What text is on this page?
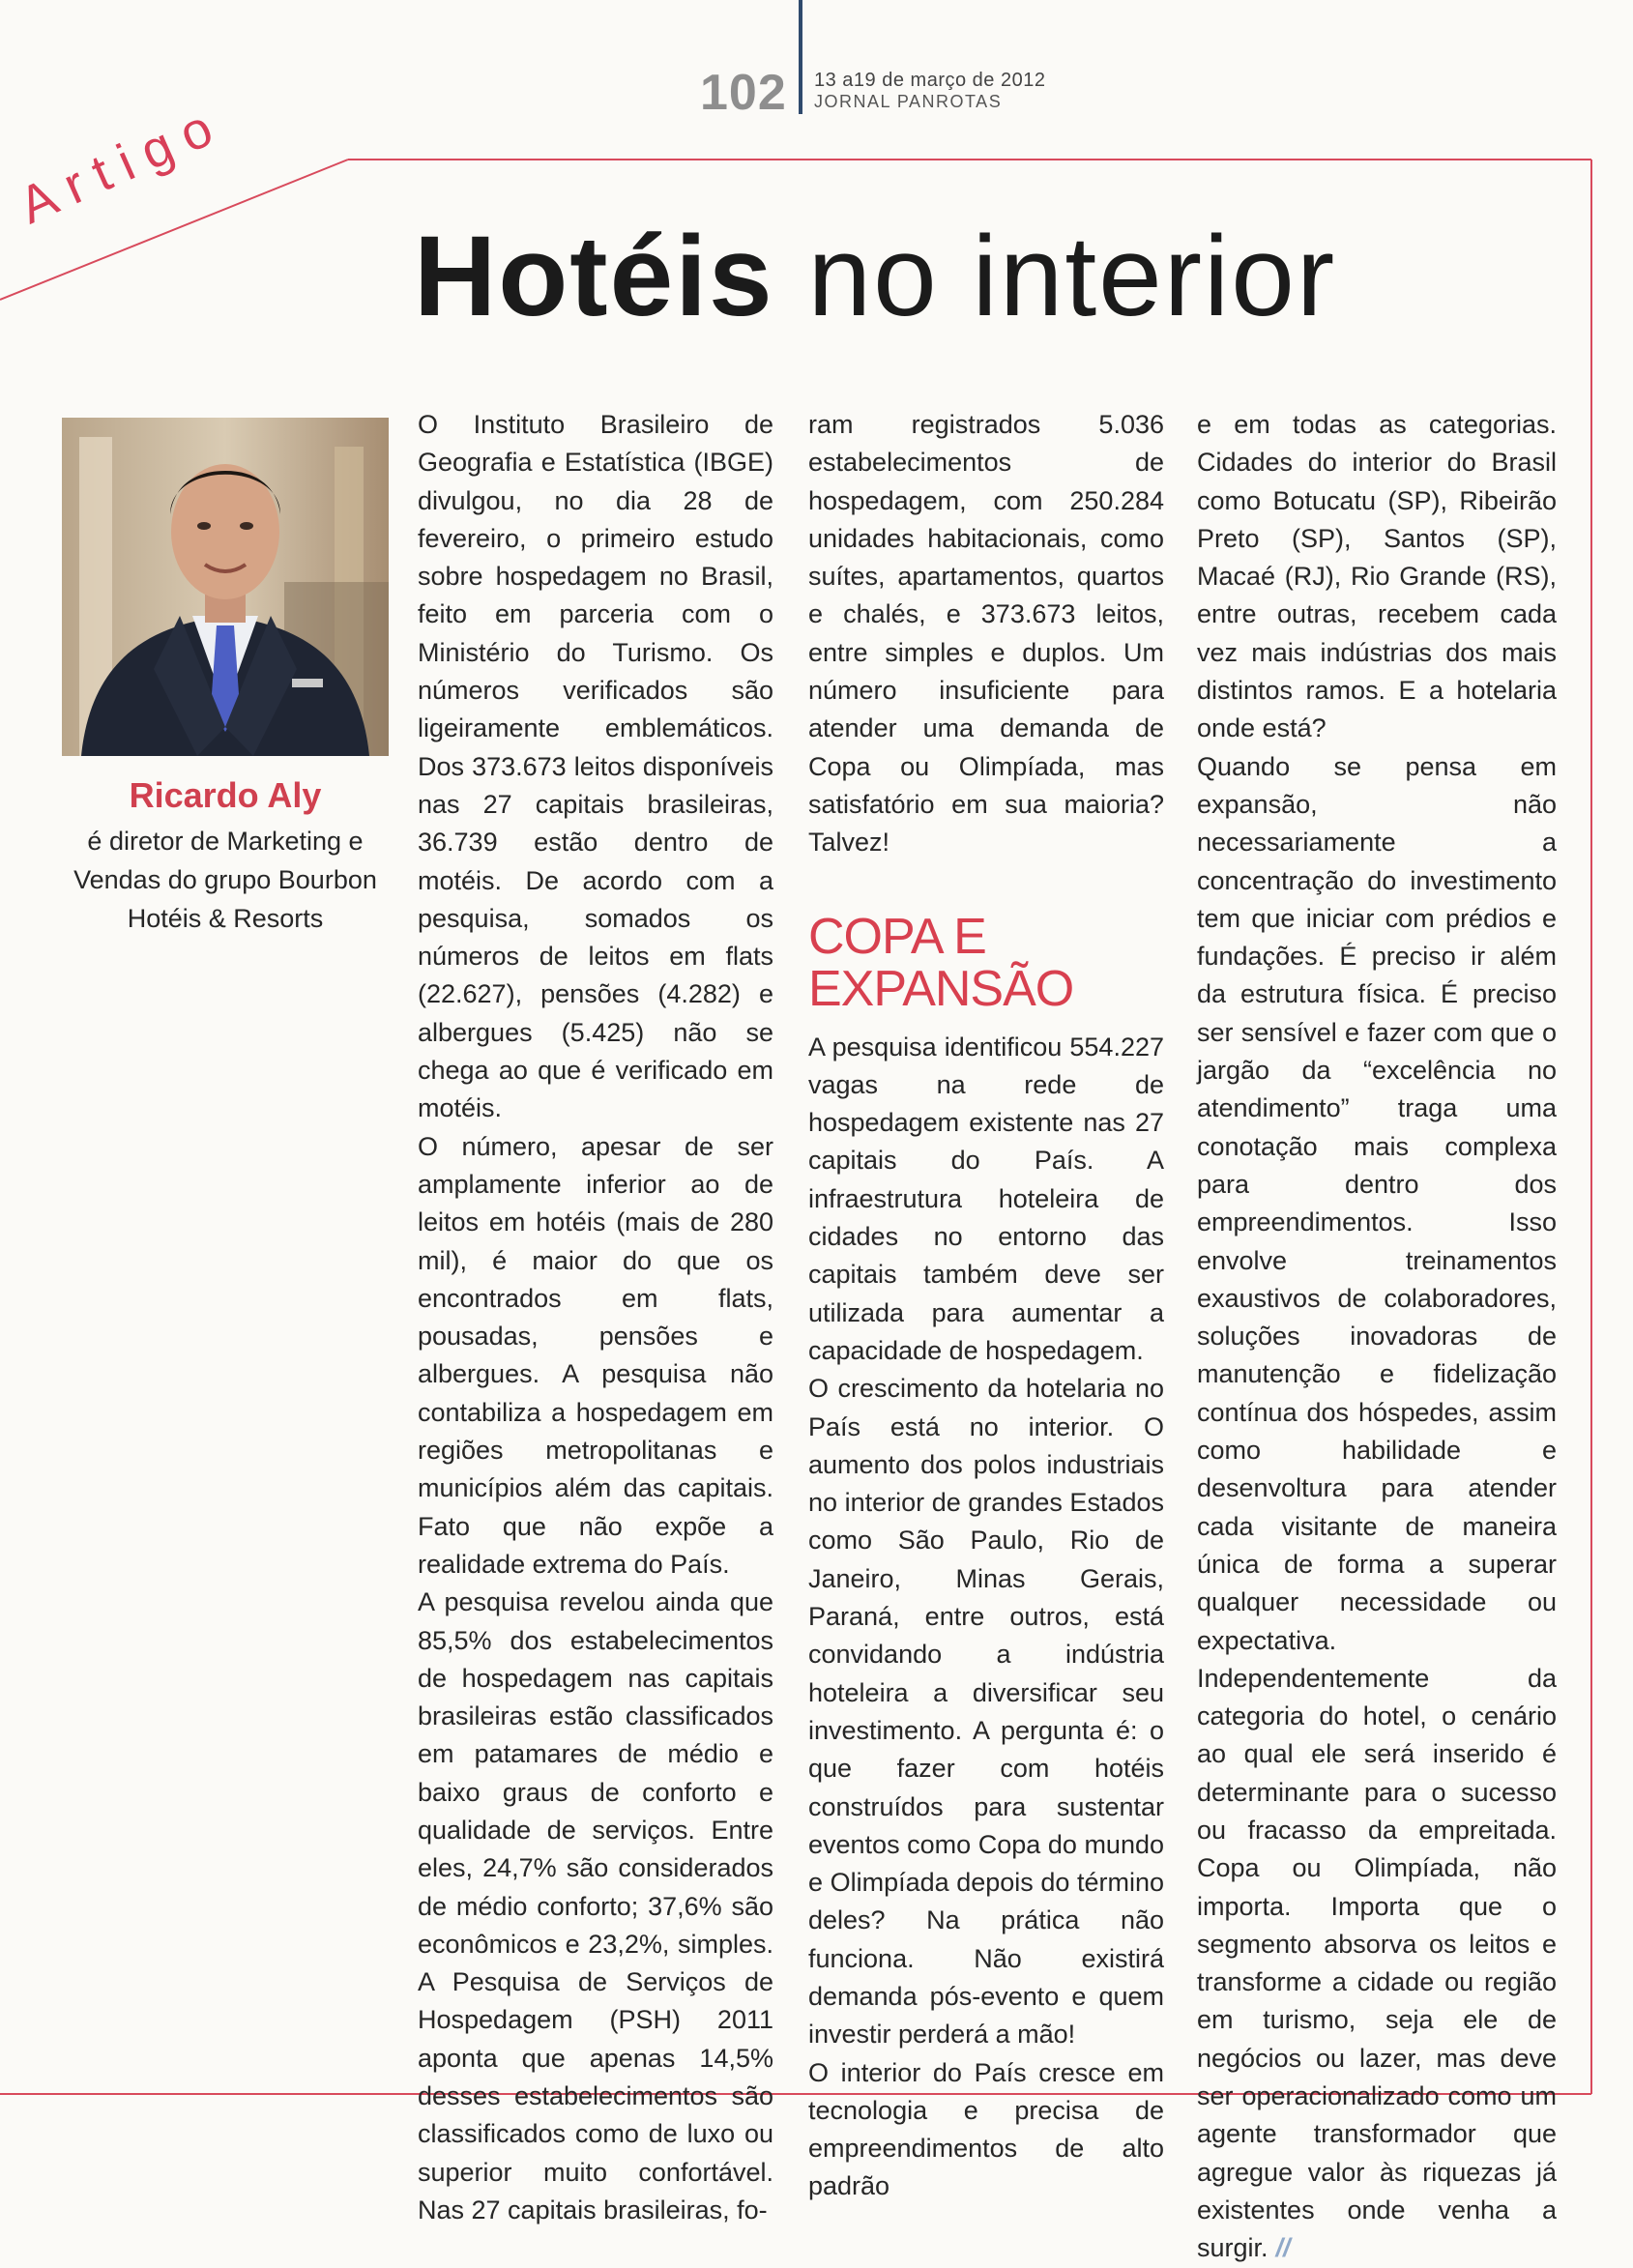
102 13 a19 de março de 2012
JORNAL PANROTAS
Artigo
Hotéis no interior
Ricardo Aly
é diretor de Marketing e
Vendas do grupo Bourbon
Hotéis & Resorts

O Instituto Brasileiro de Geografia e Estatística (IBGE) divulgou, no dia 28 de fevereiro, o primeiro estudo sobre hospedagem no Brasil, feito em parceria com o Ministério do Turismo. Os números verificados são ligeiramente emblemáticos. Dos 373.673 leitos disponíveis nas 27 capitais brasileiras, 36.739 estão dentro de motéis. De acordo com a pesquisa, somados os números de leitos em flats (22.627), pensões (4.282) e albergues (5.425) não se chega ao que é verificado em motéis.

O número, apesar de ser amplamente inferior ao de leitos em hotéis (mais de 280 mil), é maior do que os encontrados em flats, pousadas, pensões e albergues. A pesquisa não contabiliza a hospedagem em regiões metropolitanas e municípios além das capitais. Fato que não expõe a realidade extrema do País.

A pesquisa revelou ainda que 85,5% dos estabelecimentos de hospedagem nas capitais brasileiras estão classificados em patamares de médio e baixo graus de conforto e qualidade de serviços. Entre eles, 24,7% são considerados de médio conforto; 37,6% são econômicos e 23,2%, simples. A Pesquisa de Serviços de Hospedagem (PSH) 2011 aponta que apenas 14,5% desses estabelecimentos são classificados como de luxo ou superior muito confortável. Nas 27 capitais brasileiras, fo-

ram registrados 5.036 estabelecimentos de hospedagem, com 250.284 unidades habitacionais, como suítes, apartamentos, quartos e chalés, e 373.673 leitos, entre simples e duplos. Um número insuficiente para atender uma demanda de Copa ou Olimpíada, mas satisfatório em sua maioria? Talvez!

COPA E EXPANSÃO

A pesquisa identificou 554.227 vagas na rede de hospedagem existente nas 27 capitais do País. A infraestrutura hoteleira de cidades no entorno das capitais também deve ser utilizada para aumentar a capacidade de hospedagem.

O crescimento da hotelaria no País está no interior. O aumento dos polos industriais no interior de grandes Estados como São Paulo, Rio de Janeiro, Minas Gerais, Paraná, entre outros, está convidando a indústria hoteleira a diversificar seu investimento. A pergunta é: o que fazer com hotéis construídos para sustentar eventos como Copa do mundo e Olimpíada depois do término deles? Na prática não funciona. Não existirá demanda pós-evento e quem investir perderá a mão!

O interior do País cresce em tecnologia e precisa de empreendimentos de alto padrão

e em todas as categorias. Cidades do interior do Brasil como Botucatu (SP), Ribeirão Preto (SP), Santos (SP), Macaé (RJ), Rio Grande (RS), entre outras, recebem cada vez mais indústrias dos mais distintos ramos. E a hotelaria onde está?

Quando se pensa em expansão, não necessariamente a concentração do investimento tem que iniciar com prédios e fundações. É preciso ir além da estrutura física. É preciso ser sensível e fazer com que o jargão da “excelência no atendimento” traga uma conotação mais complexa para dentro dos empreendimentos. Isso envolve treinamentos exaustivos de colaboradores, soluções inovadoras de manutenção e fidelização contínua dos hóspedes, assim como habilidade e desenvoltura para atender cada visitante de maneira única de forma a superar qualquer necessidade ou expectativa.

Independentemente da categoria do hotel, o cenário ao qual ele será inserido é determinante para o sucesso ou fracasso da empreitada. Copa ou Olimpíada, não importa. Importa que o segmento absorva os leitos e transforme a cidade ou região em turismo, seja ele de negócios ou lazer, mas deve ser operacionalizado como um agente transformador que agregue valor às riquezas já existentes onde venha a surgir. //
